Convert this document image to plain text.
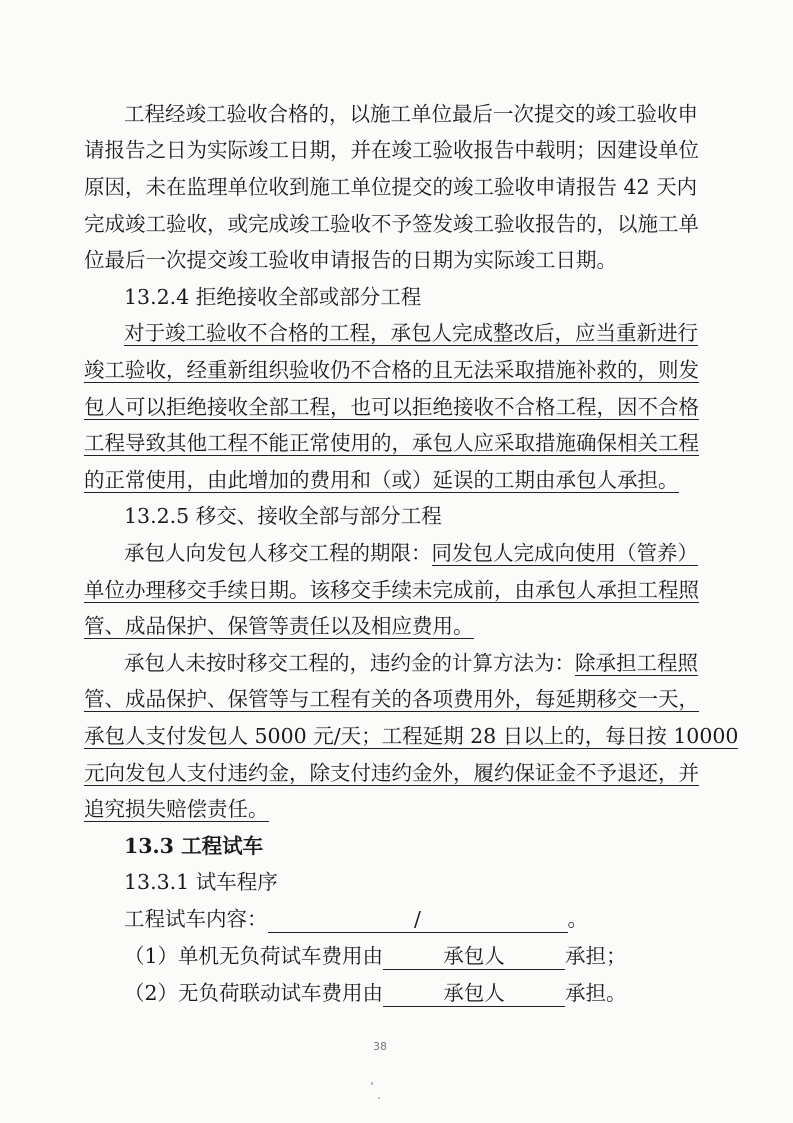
工程经竣工验收合格的，以施工单位最后一次提交的竣工验收申
请报告之日为实际竣工日期，并在竣工验收报告中载明；因建设单位
原因，未在监理单位收到施工单位提交的竣工验收申请报告 42 天内
完成竣工验收，或完成竣工验收不予签发竣工验收报告的，以施工单
位最后一次提交竣工验收申请报告的日期为实际竣工日期。
13.2.4 拒绝接收全部或部分工程
对于竣工验收不合格的工程，承包人完成整改后，应当重新进行
竣工验收，经重新组织验收仍不合格的且无法采取措施补救的，则发
包人可以拒绝接收全部工程，也可以拒绝接收不合格工程，因不合格
工程导致其他工程不能正常使用的，承包人应采取措施确保相关工程
的正常使用，由此增加的费用和（或）延误的工期由承包人承担。
13.2.5 移交、接收全部与部分工程
承包人向发包人移交工程的期限：同发包人完成向使用（管养）
单位办理移交手续日期。该移交手续未完成前，由承包人承担工程照
管、成品保护、保管等责任以及相应费用。
承包人未按时移交工程的，违约金的计算方法为：除承担工程照
管、成品保护、保管等与工程有关的各项费用外，每延期移交一天，
承包人支付发包人 5000 元/天；工程延期 28 日以上的，每日按 10000
元向发包人支付违约金，除支付违约金外，履约保证金不予退还，并
追究损失赔偿责任。
13.3 工程试车
13.3.1 试车程序
工程试车内容：	/	。
（1）单机无负荷试车费用由	承包人	承担；
（2）无负荷联动试车费用由	承包人	承担。
38
